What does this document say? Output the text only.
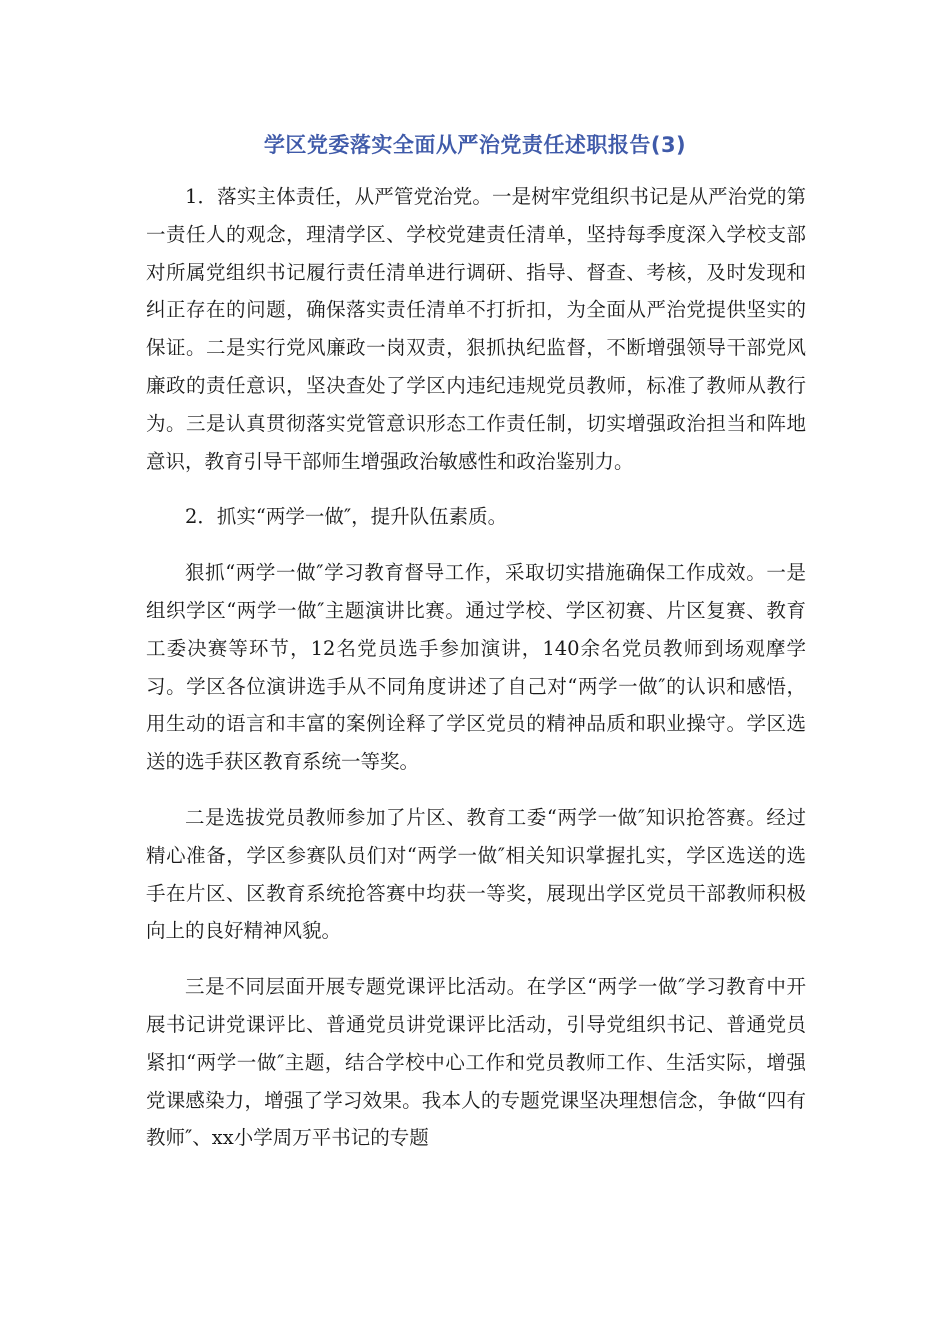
学区党委落实全面从严治党责任述职报告(3)

1．落实主体责任，从严管党治党。一是树牢党组织书记是从严治党的第一责任人的观念，理清学区、学校党建责任清单，坚持每季度深入学校支部对所属党组织书记履行责任清单进行调研、指导、督查、考核，及时发现和纠正存在的问题，确保落实责任清单不打折扣，为全面从严治党提供坚实的保证。二是实行党风廉政一岗双责，狠抓执纪监督，不断增强领导干部党风廉政的责任意识，坚决查处了学区内违纪违规党员教师，标准了教师从教行为。三是认真贯彻落实党管意识形态工作责任制，切实增强政治担当和阵地意识，教育引导干部师生增强政治敏感性和政治鉴别力。

2．抓实“两学一做″，提升队伍素质。

狠抓“两学一做″学习教育督导工作，采取切实措施确保工作成效。一是组织学区“两学一做″主题演讲比赛。通过学校、学区初赛、片区复赛、教育工委决赛等环节，12名党员选手参加演讲，140余名党员教师到场观摩学习。学区各位演讲选手从不同角度讲述了自己对“两学一做″的认识和感悟，用生动的语言和丰富的案例诠释了学区党员的精神品质和职业操守。学区选送的选手获区教育系统一等奖。

二是选拔党员教师参加了片区、教育工委“两学一做″知识抢答赛。经过精心准备，学区参赛队员们对“两学一做″相关知识掌握扎实，学区选送的选手在片区、区教育系统抢答赛中均获一等奖，展现出学区党员干部教师积极向上的良好精神风貌。

三是不同层面开展专题党课评比活动。在学区“两学一做″学习教育中开展书记讲党课评比、普通党员讲党课评比活动，引导党组织书记、普通党员紧扣“两学一做″主题，结合学校中心工作和党员教师工作、生活实际，增强党课感染力，增强了学习效果。我本人的专题党课坚决理想信念，争做“四有教师″、xx小学周万平书记的专题
